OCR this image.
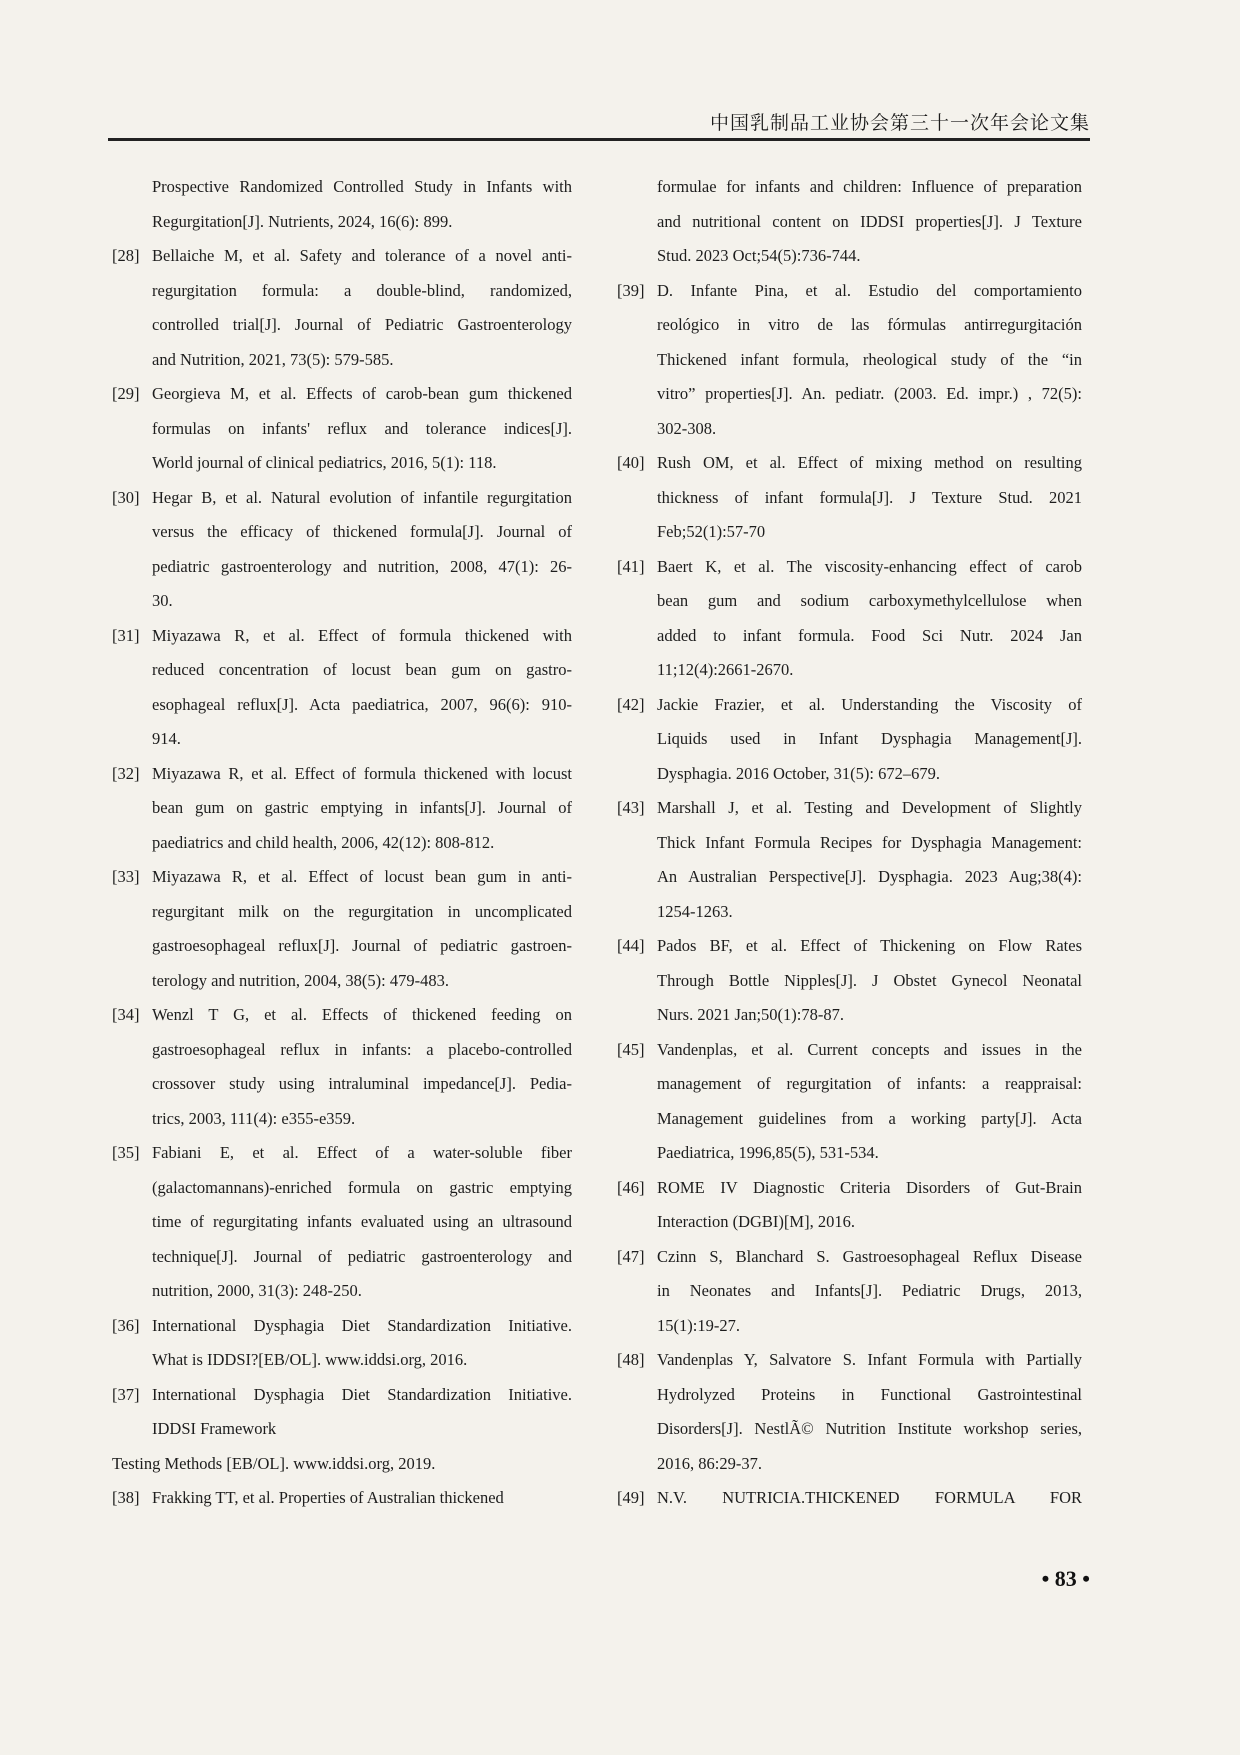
中国乳制品工业协会第三十一次年会论文集
Prospective Randomized Controlled Study in Infants with
Regurgitation[J]. Nutrients, 2024, 16(6): 899.
[28] Bellaiche M, et al. Safety and tolerance of a novel anti-
regurgitation formula: a double-blind, randomized,
controlled trial[J]. Journal of Pediatric Gastroenterology
and Nutrition, 2021, 73(5): 579-585.
[29] Georgieva M, et al. Effects of carob-bean gum thickened
formulas on infants' reflux and tolerance indices[J].
World journal of clinical pediatrics, 2016, 5(1): 118.
[30] Hegar B, et al. Natural evolution of infantile regurgitation
versus the efficacy of thickened formula[J]. Journal of
pediatric gastroenterology and nutrition, 2008, 47(1): 26-
30.
[31] Miyazawa R, et al. Effect of formula thickened with
reduced concentration of locust bean gum on gastro-
esophageal reflux[J]. Acta paediatrica, 2007, 96(6): 910-
914.
[32] Miyazawa R, et al. Effect of formula thickened with locust
bean gum on gastric emptying in infants[J]. Journal of
paediatrics and child health, 2006, 42(12): 808-812.
[33] Miyazawa R, et al. Effect of locust bean gum in anti-
regurgitant milk on the regurgitation in uncomplicated
gastroesophageal reflux[J]. Journal of pediatric gastroen-
terology and nutrition, 2004, 38(5): 479-483.
[34] Wenzl T G, et al. Effects of thickened feeding on
gastroesophageal reflux in infants: a placebo-controlled
crossover study using intraluminal impedance[J]. Pedia-
trics, 2003, 111(4): e355-e359.
[35] Fabiani E, et al. Effect of a water-soluble fiber
(galactomannans)-enriched formula on gastric emptying
time of regurgitating infants evaluated using an ultrasound
technique[J]. Journal of pediatric gastroenterology and
nutrition, 2000, 31(3): 248-250.
[36] International Dysphagia Diet Standardization Initiative.
What is IDDSI?[EB/OL]. www.iddsi.org, 2016.
[37] International Dysphagia Diet Standardization Initiative.
IDDSI Framework
Testing Methods [EB/OL]. www.iddsi.org, 2019.
[38] Frakking TT, et al. Properties of Australian thickened
formulae for infants and children: Influence of preparation
and nutritional content on IDDSI properties[J]. J Texture
Stud. 2023 Oct;54(5):736-744.
[39] D. Infante Pina, et al. Estudio del comportamiento
reológico in vitro de las fórmulas antirregurgitación
Thickened infant formula, rheological study of the “in
vitro” properties[J]. An. pediatr. (2003. Ed. impr.) , 72(5):
302-308.
[40] Rush OM, et al. Effect of mixing method on resulting
thickness of infant formula[J]. J Texture Stud. 2021
Feb;52(1):57-70
[41] Baert K, et al. The viscosity-enhancing effect of carob
bean gum and sodium carboxymethylcellulose when
added to infant formula. Food Sci Nutr. 2024 Jan
11;12(4):2661-2670.
[42] Jackie Frazier, et al. Understanding the Viscosity of
Liquids used in Infant Dysphagia Management[J].
Dysphagia. 2016 October, 31(5): 672–679.
[43] Marshall J, et al. Testing and Development of Slightly
Thick Infant Formula Recipes for Dysphagia Management:
An Australian Perspective[J]. Dysphagia. 2023 Aug;38(4):
1254-1263.
[44] Pados BF, et al. Effect of Thickening on Flow Rates
Through Bottle Nipples[J]. J Obstet Gynecol Neonatal
Nurs. 2021 Jan;50(1):78-87.
[45] Vandenplas, et al. Current concepts and issues in the
management of regurgitation of infants: a reappraisal:
Management guidelines from a working party[J]. Acta
Paediatrica, 1996,85(5), 531-534.
[46] ROME IV Diagnostic Criteria Disorders of Gut-Brain
Interaction (DGBI)[M], 2016.
[47] Czinn S, Blanchard S. Gastroesophageal Reflux Disease
in Neonates and Infants[J]. Pediatric Drugs, 2013,
15(1):19-27.
[48] Vandenplas Y, Salvatore S. Infant Formula with Partially
Hydrolyzed Proteins in Functional Gastrointestinal
Disorders[J]. NestlÃ© Nutrition Institute workshop series,
2016, 86:29-37.
[49] N.V. NUTRICIA.THICKENED FORMULA FOR
• 83 •
